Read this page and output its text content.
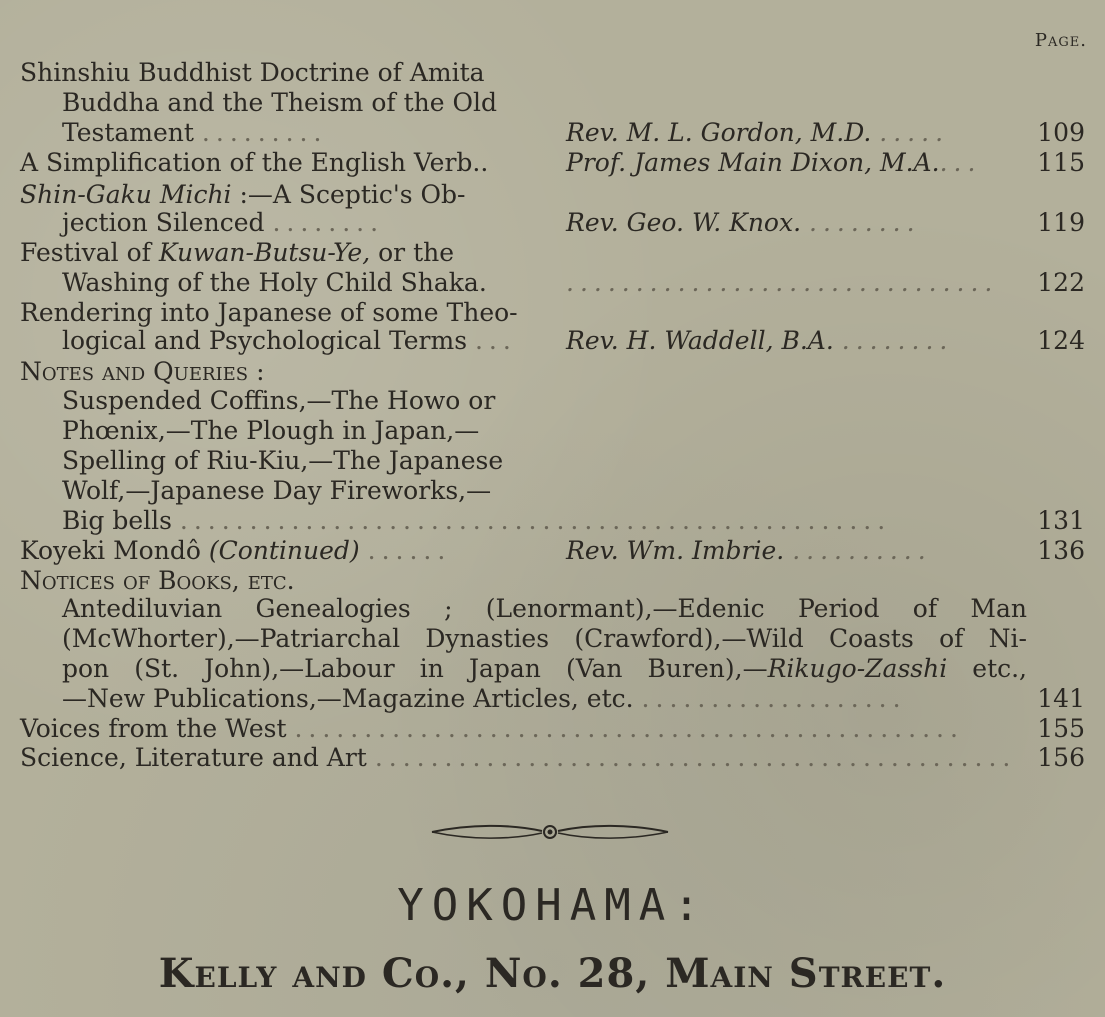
Page.
Shinshiu Buddhist Doctrine of Amita
Buddha and the Theism of the Old
Testament .........	Rev. M. L. Gordon, M.D. .....	109
A Simplification of the English Verb..	Prof. James Main Dixon, M.A.... 115
Shin-Gaku Michi :—A Sceptic's Ob-
jection Silenced ........	Rev. Geo. W. Knox. ........	119
Festival of Kuwan-Butsu-Ye, or the
Washing of the Holy Child Shaka.	............................... 122
Rendering into Japanese of some Theo-
logical and Psychological Terms ... Rev. H. Waddell, B.A. ........	124
Notes and Queries :
Suspended Coffins,—The Howo or
Phœnix,—The Plough in Japan,—
Spelling of Riu-Kiu,—The Japanese
Wolf,—Japanese Day Fireworks,—
Big bells ...................................................	131
Koyeki Mondô (Continued) ......	Rev. Wm. Imbrie. ..........	136
Notices of Books, etc.
Antediluvian Genealogies ; (Lenormant),—Edenic Period of Man
(McWhorter),—Patriarchal Dynasties (Crawford),—Wild Coasts of Ni-
pon (St. John),—Labour in Japan (Van Buren),—Rikugo-Zasshi etc.,
—New Publications,—Magazine Articles, etc. ...................	141
Voices from the West ................................................	155
Science, Literature and Art .............................................. 156
YOKOHAMA:
Kelly and Co., No. 28, Main Street.
